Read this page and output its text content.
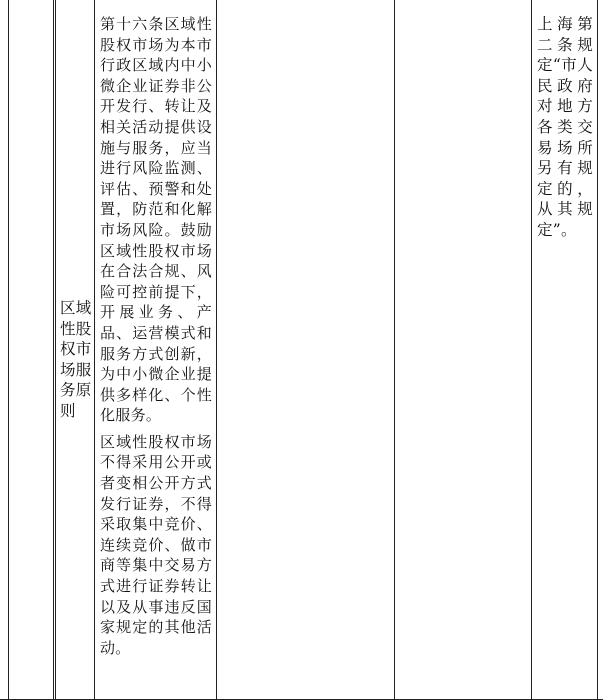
区域性股权市场服务原则

第十六条区域性股权市场为本市行政区域内中小微企业证券非公开发行、转让及相关活动提供设施与服务，应当进行风险监测、评估、预警和处置，防范和化解市场风险。鼓励区域性股权市场在合法合规、风险可控前提下，开展业务、产品、运营模式和服务方式创新，为中小微企业提供多样化、个性化服务。

区域性股权市场不得采用公开或者变相公开方式发行证券，不得采取集中竞价、连续竞价、做市商等集中交易方式进行证券转让以及从事违反国家规定的其他活动。

上海第二条规定“市人民政府对地方各类交易场所另有规定的，从其规定”。
